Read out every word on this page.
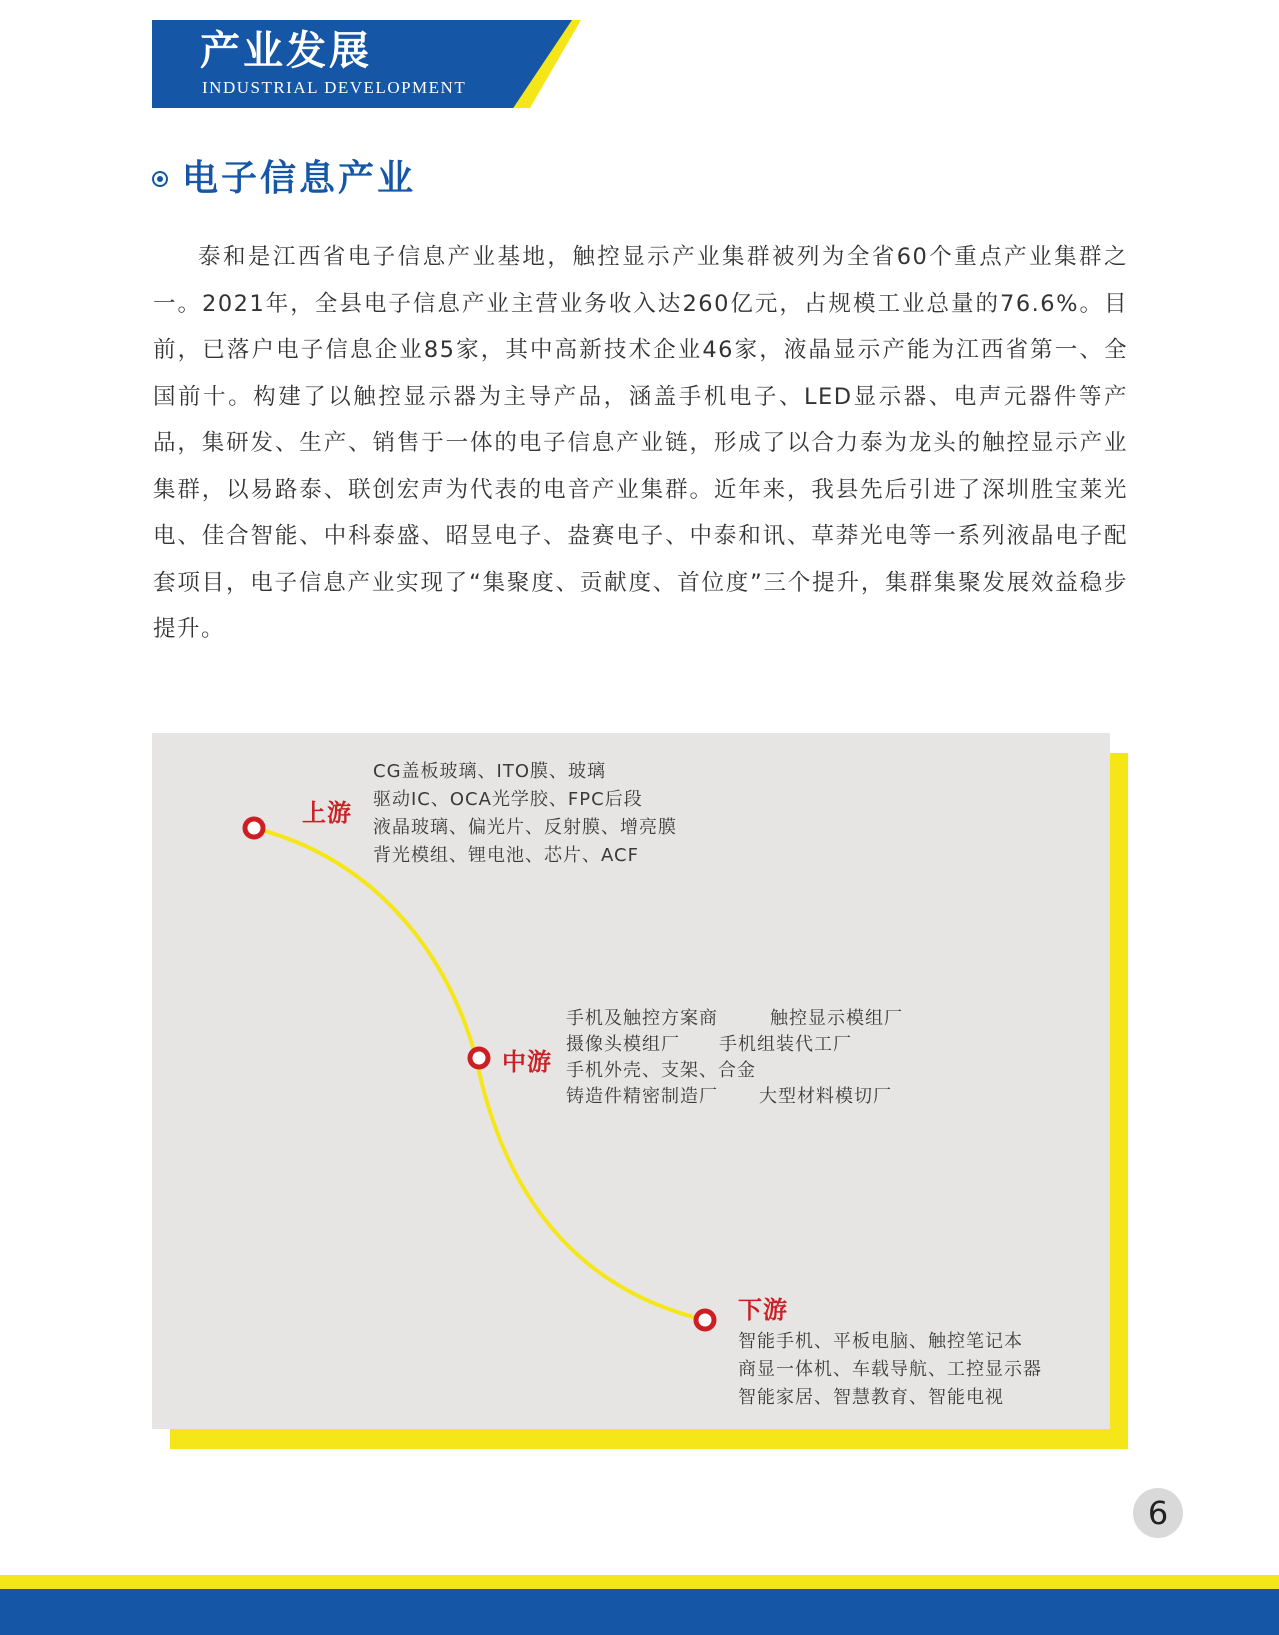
产业发展
INDUSTRIAL DEVELOPMENT
电子信息产业

泰和是江西省电子信息产业基地，触控显示产业集群被列为全省60个重点产业集群之一。2021年，全县电子信息产业主营业务收入达260亿元，占规模工业总量的76.6%。目前，已落户电子信息企业85家，其中高新技术企业46家，液晶显示产能为江西省第一、全国前十。构建了以触控显示器为主导产品，涵盖手机电子、LED显示器、电声元器件等产品，集研发、生产、销售于一体的电子信息产业链，形成了以合力泰为龙头的触控显示产业集群，以易路泰、联创宏声为代表的电音产业集群。近年来，我县先后引进了深圳胜宝莱光电、佳合智能、中科泰盛、昭昱电子、盎赛电子、中泰和讯、草莽光电等一系列液晶电子配套项目，电子信息产业实现了“集聚度、贡献度、首位度”三个提升，集群集聚发展效益稳步提升。

上游
CG盖板玻璃、ITO膜、玻璃
驱动IC、OCA光学胶、FPC后段
液晶玻璃、偏光片、反射膜、增亮膜
背光模组、锂电池、芯片、ACF
中游
手机及触控方案商	触控显示模组厂
摄像头模组厂 手机组装代工厂
手机外壳、支架、合金
铸造件精密制造厂 大型材料模切厂
下游
智能手机、平板电脑、触控笔记本
商显一体机、车载导航、工控显示器
智能家居、智慧教育、智能电视
6
